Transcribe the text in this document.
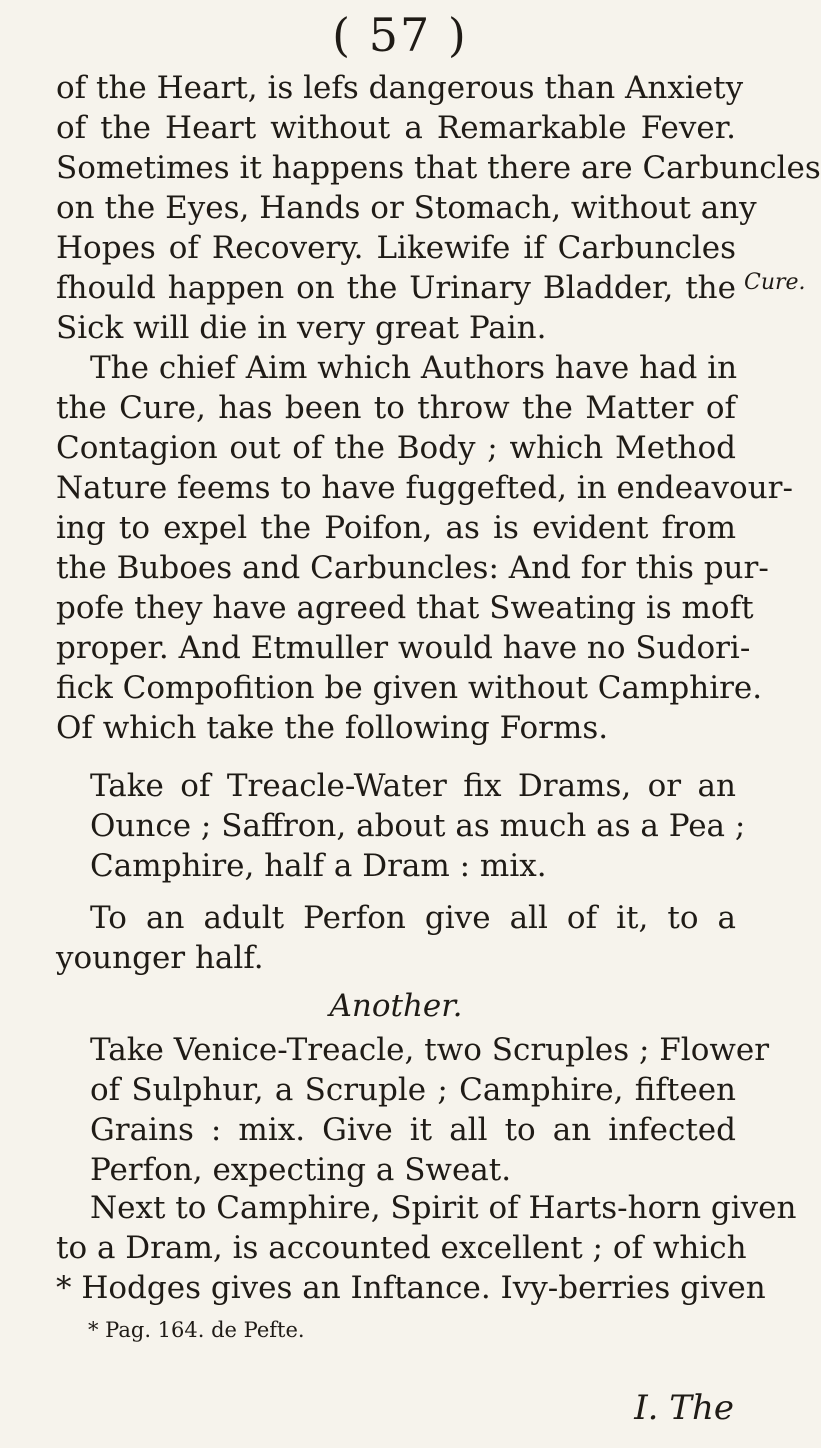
( 57 )
of the Heart, is lefs dangerous than Anxiety
of the Heart without a Remarkable Fever.
Sometimes it happens that there are Carbuncles
on the Eyes, Hands or Stomach, without any
Hopes of Recovery. Likewife if Carbuncles
fhould happen on the Urinary Bladder, the
Sick will die in very great Pain.
The chief Aim which Authors have had in
the Cure, has been to throw the Matter of
Contagion out of the Body ; which Method
Nature feems to have fuggefted, in endeavour-
ing to expel the Poifon, as is evident from
the Buboes and Carbuncles: And for this pur-
pofe they have agreed that Sweating is moft
proper. And Etmuller would have no Sudori-
fick Compofition be given without Camphire.
Of which take the following Forms.
Cure.
Take of Treacle-Water fix Drams, or an
Ounce ; Saffron, about as much as a Pea ;
Camphire, half a Dram : mix.
To an adult Perfon give all of it, to a
younger half.
Another.
Take Venice-Treacle, two Scruples ; Flower
of Sulphur, a Scruple ; Camphire, fifteen
Grains : mix. Give it all to an infected
Perfon, expecting a Sweat.
Next to Camphire, Spirit of Harts-horn given
to a Dram, is accounted excellent ; of which
* Hodges gives an Inftance. Ivy-berries given
* Pag. 164. de Pefte.
I. The
